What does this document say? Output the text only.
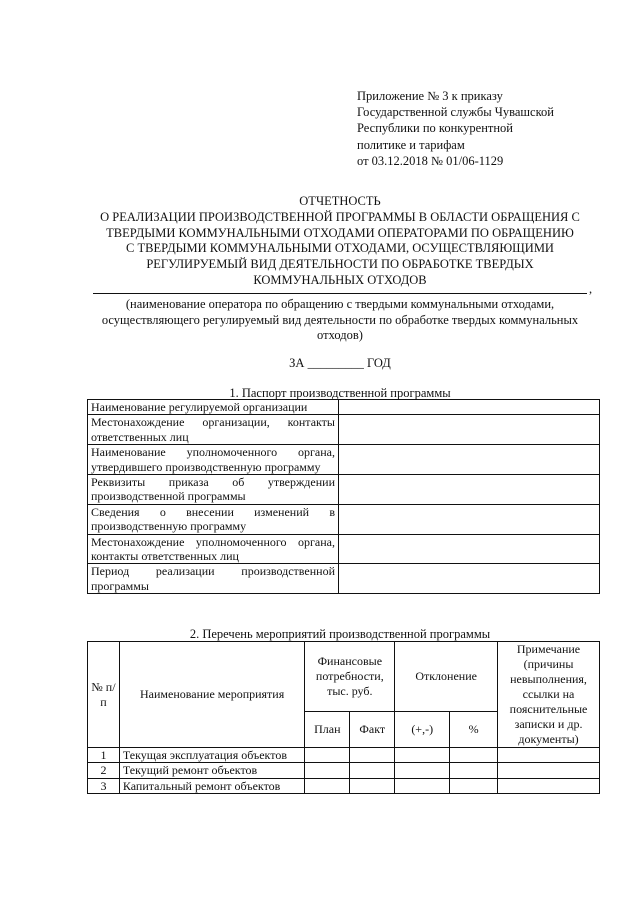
Приложение № 3 к приказу
Государственной службы Чувашской
Республики по конкурентной
политике и тарифам
от 03.12.2018 № 01/06-1129
ОТЧЕТНОСТЬ
О РЕАЛИЗАЦИИ ПРОИЗВОДСТВЕННОЙ ПРОГРАММЫ В ОБЛАСТИ ОБРАЩЕНИЯ С
ТВЕРДЫМИ КОММУНАЛЬНЫМИ ОТХОДАМИ ОПЕРАТОРАМИ ПО ОБРАЩЕНИЮ
С ТВЕРДЫМИ КОММУНАЛЬНЫМИ ОТХОДАМИ, ОСУЩЕСТВЛЯЮЩИМИ
РЕГУЛИРУЕМЫЙ ВИД ДЕЯТЕЛЬНОСТИ ПО ОБРАБОТКЕ ТВЕРДЫХ
КОММУНАЛЬНЫХ ОТХОДОВ
,
(наименование оператора по обращению с твердыми коммунальными отходами,
осуществляющего регулируемый вид деятельности по обработке твердых коммунальных
отходов)
ЗА _________ ГОД
1. Паспорт производственной программы
Наименование регулируемой организации	
Местонахождение организации, контакты ответственных лиц	
Наименование уполномоченного органа, утвердившего производственную программу	
Реквизиты приказа об утверждении производственной программы	
Сведения о внесении изменений в производственную программу	
Местонахождение уполномоченного органа, контакты ответственных лиц	
Период реализации производственной программы	
2. Перечень мероприятий производственной программы
№ п/п	Наименование мероприятия	Финансовые потребности, тыс. руб.		Отклонение		Примечание (причины невыполнения, ссылки на пояснительные записки и др. документы)
		План	Факт	(+,-)	%	
1	Текущая эксплуатация объектов					
2	Текущий ремонт объектов					
3	Капитальный ремонт объектов					
